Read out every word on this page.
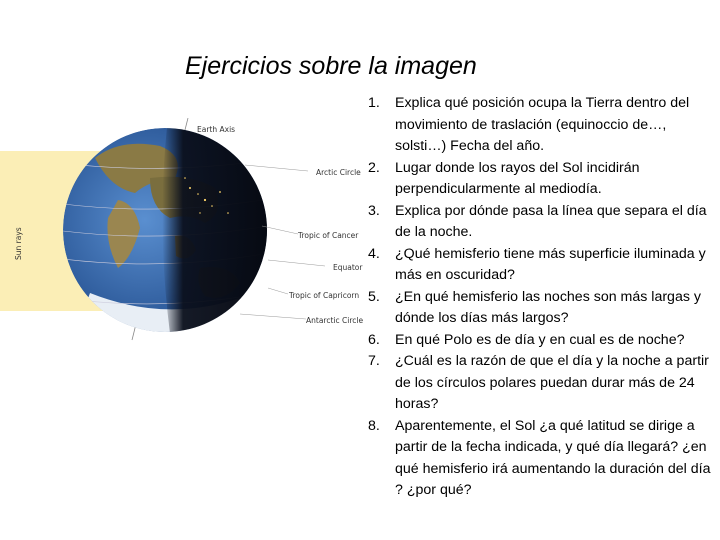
Ejercicios sobre la imagen
Sun rays
Earth Axis
Arctic Circle
Tropic of Cancer
Equator
Tropic of Capricorn
Antarctic Circle
1. Explica qué posición ocupa la Tierra dentro del movimiento de traslación (equinoccio de…, solsti…) Fecha del año.
2. Lugar donde los rayos del Sol incidirán perpendicularmente al mediodía.
3. Explica por dónde pasa la línea que separa el día de la noche.
4. ¿Qué hemisferio tiene más superficie iluminada y más en oscuridad?
5. ¿En qué hemisferio las noches son más largas y dónde los días más largos?
6. En qué Polo es de día y en cual es de noche?
7. ¿Cuál es la razón de que el día y la noche a partir de los círculos polares puedan durar más de 24 horas?
8. Aparentemente, el Sol ¿a qué latitud se dirige a partir de la fecha indicada, y qué día llegará? ¿en qué hemisferio irá aumentando la duración del día ? ¿por qué?
